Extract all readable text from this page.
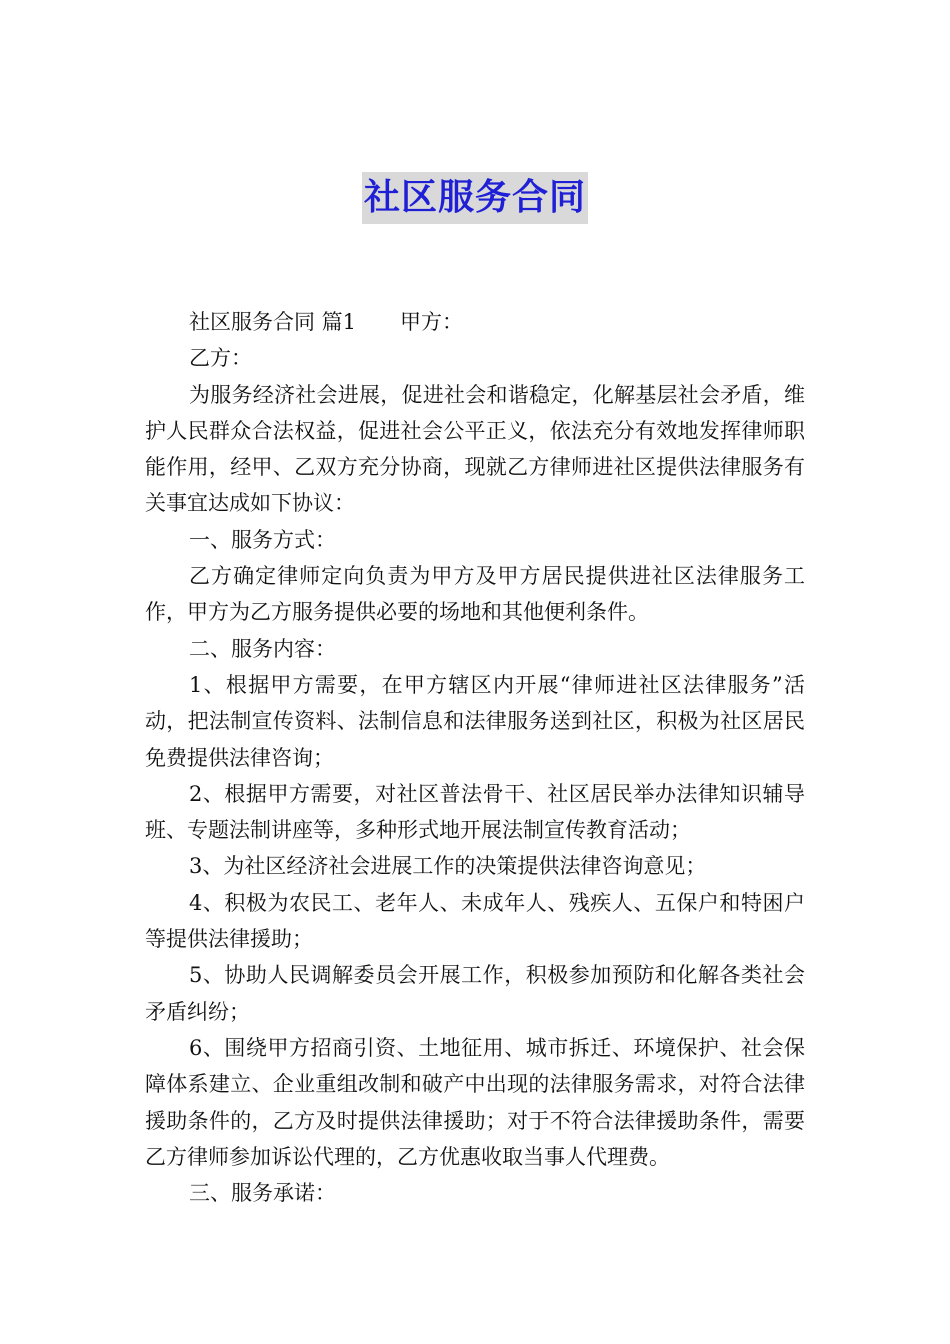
社区服务合同

社区服务合同 篇1 甲方：

乙方：

为服务经济社会进展，促进社会和谐稳定，化解基层社会矛盾，维护人民群众合法权益，促进社会公平正义，依法充分有效地发挥律师职能作用，经甲、乙双方充分协商，现就乙方律师进社区提供法律服务有关事宜达成如下协议：

一、服务方式：

乙方确定律师定向负责为甲方及甲方居民提供进社区法律服务工作，甲方为乙方服务提供必要的场地和其他便利条件。

二、服务内容：

1、根据甲方需要，在甲方辖区内开展“律师进社区法律服务”活动，把法制宣传资料、法制信息和法律服务送到社区，积极为社区居民免费提供法律咨询；

2、根据甲方需要，对社区普法骨干、社区居民举办法律知识辅导班、专题法制讲座等，多种形式地开展法制宣传教育活动；

3、为社区经济社会进展工作的决策提供法律咨询意见；

4、积极为农民工、老年人、未成年人、残疾人、五保户和特困户等提供法律援助；

5、协助人民调解委员会开展工作，积极参加预防和化解各类社会矛盾纠纷；

6、围绕甲方招商引资、土地征用、城市拆迁、环境保护、社会保障体系建立、企业重组改制和破产中出现的法律服务需求，对符合法律援助条件的，乙方及时提供法律援助；对于不符合法律援助条件，需要乙方律师参加诉讼代理的，乙方优惠收取当事人代理费。

三、服务承诺：
